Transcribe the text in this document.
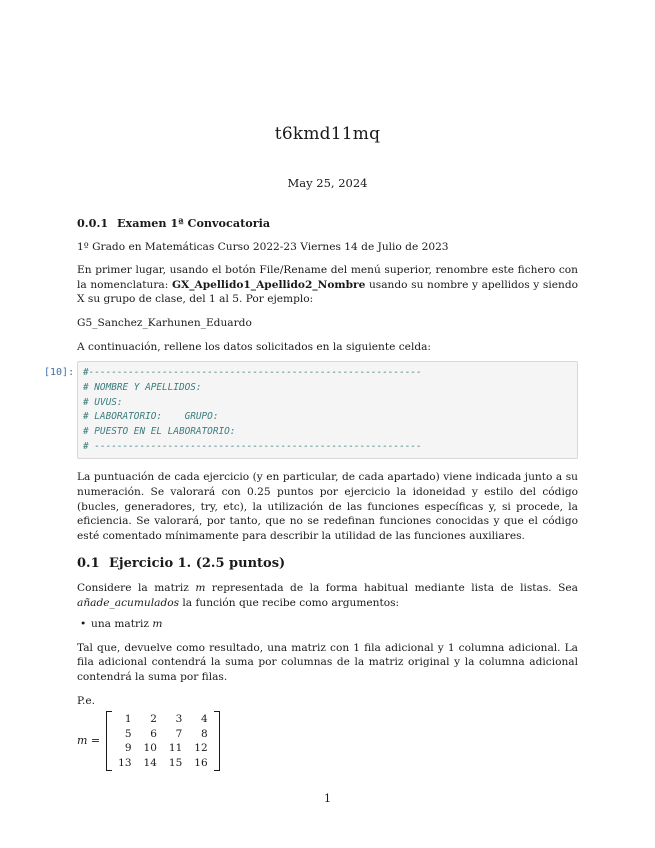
t6kmd11mq
May 25, 2024
0.0.1 Examen 1ª Convocatoria

1º Grado en Matemáticas Curso 2022-23 Viernes 14 de Julio de 2023

En primer lugar, usando el botón File/Rename del menú superior, renombre este fichero con la nomenclatura: GX_Apellido1_Apellido2_Nombre usando su nombre y apellidos y siendo X su grupo de clase, del 1 al 5. Por ejemplo:

G5_Sanchez_Karhunen_Eduardo

A continuación, rellene los datos solicitados en la siguiente celda:

[10]: #-----------------------------------------------------------
# NOMBRE Y APELLIDOS:
# UVUS:
# LABORATORIO:    GRUPO:
# PUESTO EN EL LABORATORIO:
# ----------------------------------------------------------

La puntuación de cada ejercicio (y en particular, de cada apartado) viene indicada junto a su numeración. Se valorará con 0.25 puntos por ejercicio la idoneidad y estilo del código (bucles, generadores, try, etc), la utilización de las funciones específicas y, si procede, la eficiencia. Se valorará, por tanto, que no se redefinan funciones conocidas y que el código esté comentado mínimamente para describir la utilidad de las funciones auxiliares.

0.1 Ejercicio 1. (2.5 puntos)

Considere la matriz m representada de la forma habitual mediante lista de listas. Sea añade_acumulados la función que recibe como argumentos:

• una matriz m

Tal que, devuelve como resultado, una matriz con 1 fila adicional y 1 columna adicional. La fila adicional contendrá la suma por columnas de la matriz original y la columna adicional contendrá la suma por filas.

P.e.

m =
1	2	3	4
5	6	7	8
9	10	11	12
13	14	15	16
1
